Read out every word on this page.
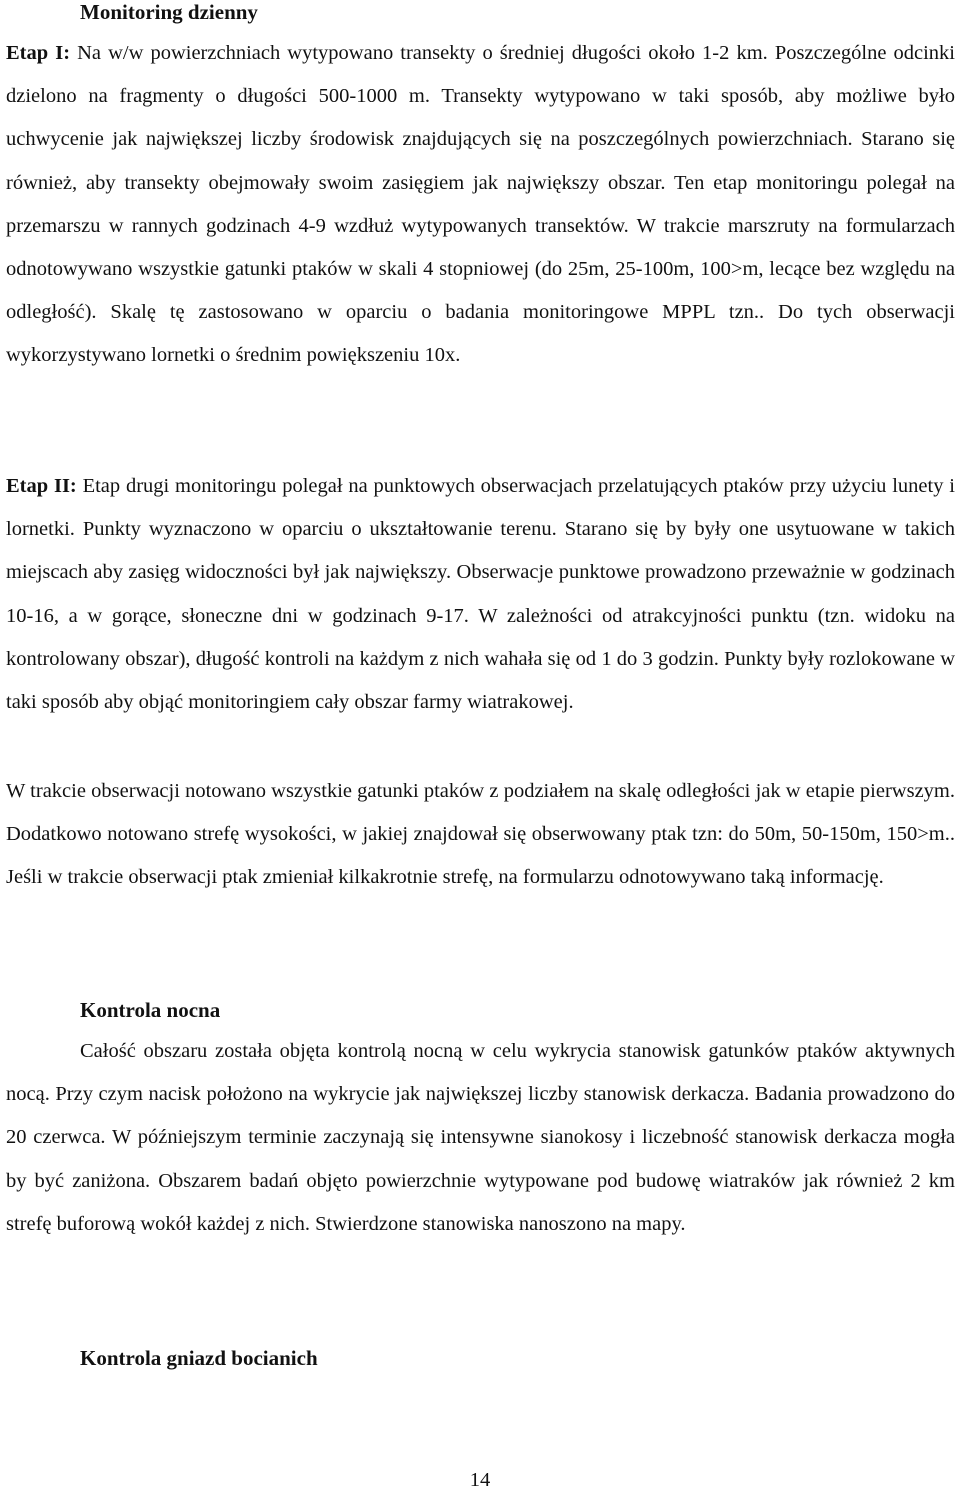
Monitoring dzienny

Etap I: Na w/w powierzchniach wytypowano transekty o średniej długości około 1-2 km. Poszczególne odcinki dzielono na fragmenty o długości 500-1000 m. Transekty wytypowano w taki sposób, aby możliwe było uchwycenie jak największej liczby środowisk znajdujących się na poszczególnych powierzchniach. Starano się również, aby transekty obejmowały swoim zasięgiem jak największy obszar. Ten etap monitoringu polegał na przemarszu w rannych godzinach 4-9 wzdłuż wytypowanych transektów. W trakcie marszruty na formularzach odnotowywano wszystkie gatunki ptaków w skali 4 stopniowej (do 25m, 25-100m, 100>m, lecące bez względu na odległość). Skalę tę zastosowano w oparciu o badania monitoringowe MPPL tzn.. Do tych obserwacji wykorzystywano lornetki o średnim powiększeniu 10x.

Etap II: Etap drugi monitoringu polegał na punktowych obserwacjach przelatujących ptaków przy użyciu lunety i lornetki. Punkty wyznaczono w oparciu o ukształtowanie terenu. Starano się by były one usytuowane w takich miejscach aby zasięg widoczności był jak największy. Obserwacje punktowe prowadzono przeważnie w godzinach 10-16, a w gorące, słoneczne dni w godzinach 9-17. W zależności od atrakcyjności punktu (tzn. widoku na kontrolowany obszar), długość kontroli na każdym z nich wahała się od 1 do 3 godzin. Punkty były rozlokowane w taki sposób aby objąć monitoringiem cały obszar farmy wiatrakowej.

W trakcie obserwacji notowano wszystkie gatunki ptaków z podziałem na skalę odległości jak w etapie pierwszym. Dodatkowo notowano strefę wysokości, w jakiej znajdował się obserwowany ptak tzn: do 50m, 50-150m, 150>m.. Jeśli w trakcie obserwacji ptak zmieniał kilkakrotnie strefę, na formularzu odnotowywano taką informację.

Kontrola nocna

Całość obszaru została objęta kontrolą nocną w celu wykrycia stanowisk gatunków ptaków aktywnych nocą. Przy czym nacisk położono na wykrycie jak największej liczby stanowisk derkacza. Badania prowadzono do 20 czerwca. W późniejszym terminie zaczynają się intensywne sianokosy i liczebność stanowisk derkacza mogła by być zaniżona. Obszarem badań objęto powierzchnie wytypowane pod budowę wiatraków jak również 2 km strefę buforową wokół każdej z nich. Stwierdzone stanowiska nanoszono na mapy.

Kontrola gniazd bocianich
14
